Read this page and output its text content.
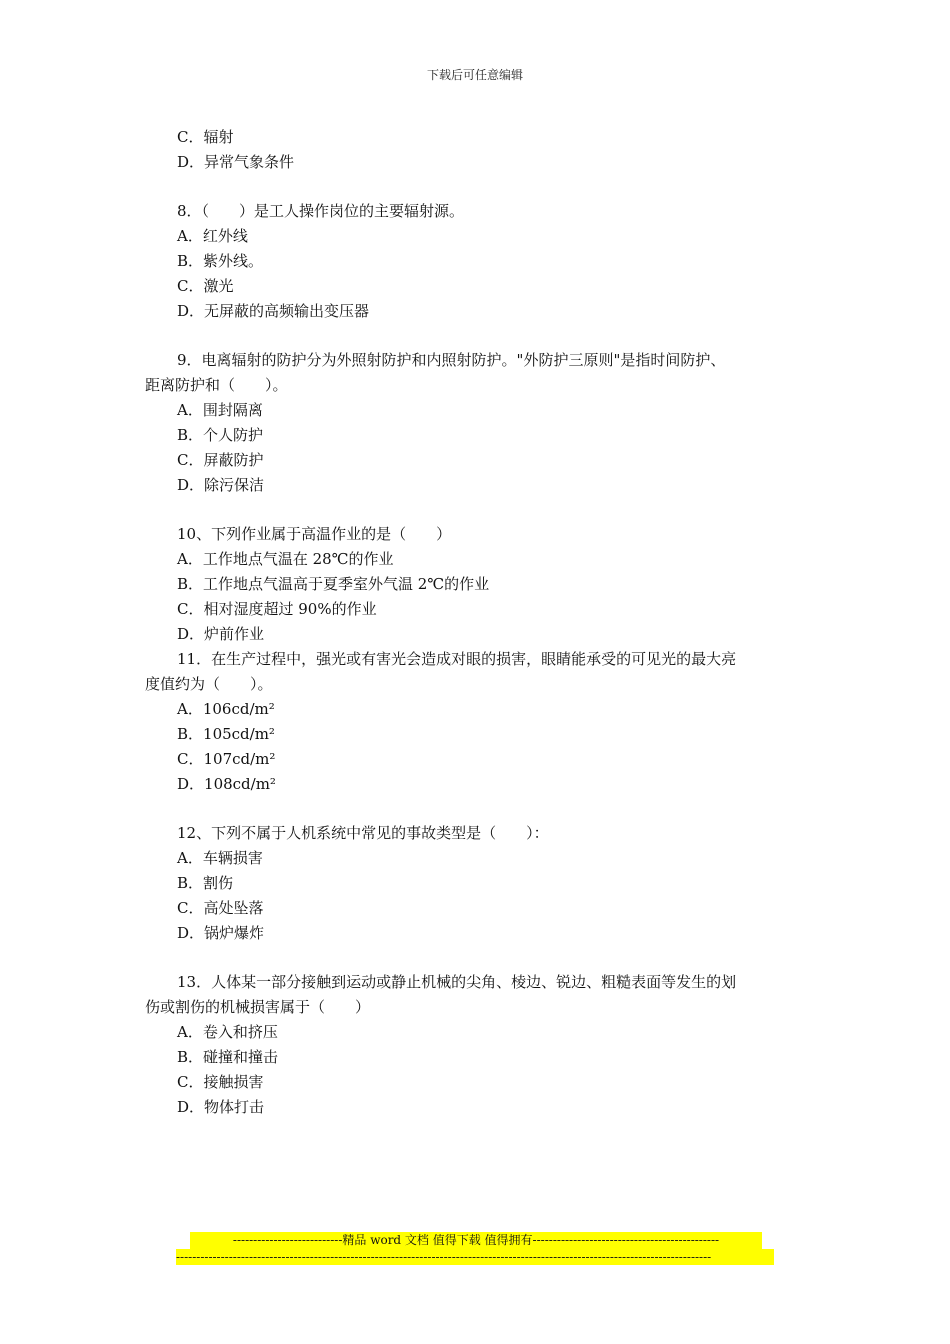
下载后可任意编辑
C．辐射
D．异常气象条件
8．（　　）是工人操作岗位的主要辐射源。
A．红外线
B．紫外线。
C．激光
D．无屏蔽的高频输出变压器
9．电离辐射的防护分为外照射防护和内照射防护。"外防护三原则"是指时间防护、
距离防护和（　　）。
A．围封隔离
B．个人防护
C．屏蔽防护
D．除污保洁
10、下列作业属于高温作业的是（　　）
A．工作地点气温在 28℃的作业
B．工作地点气温高于夏季室外气温 2℃的作业
C．相对湿度超过 90%的作业
D．炉前作业
11．在生产过程中，强光或有害光会造成对眼的损害，眼睛能承受的可见光的最大亮
度值约为（　　）。
A．106cd/m²
B．105cd/m²
C．107cd/m²
D．108cd/m²
12、下列不属于人机系统中常见的事故类型是（　　）：
A．车辆损害
B．割伤
C．高处坠落
D．锅炉爆炸
13．人体某一部分接触到运动或静止机械的尖角、棱边、锐边、粗糙表面等发生的划
伤或割伤的机械损害属于（　　）
A．卷入和挤压
B．碰撞和撞击
C．接触损害
D．物体打击
---------------------------精品 word 文档 值得下载 值得拥有----------------------------------------------
------------------------------------------------------------------------------------------------------------------------------------
